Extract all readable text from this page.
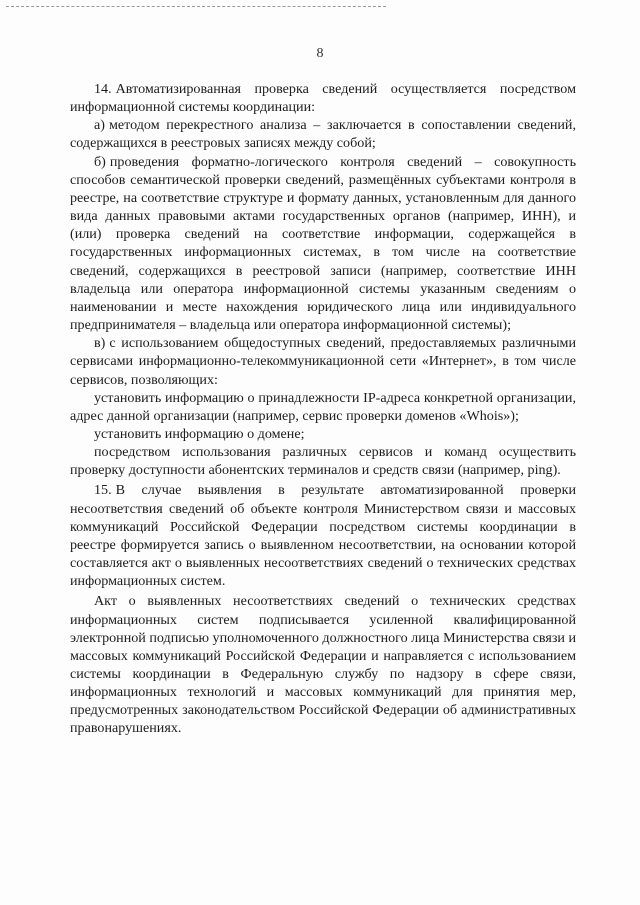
8

14. Автоматизированная проверка сведений осуществляется посредством информационной системы координации:

а) методом перекрестного анализа – заключается в сопоставлении сведений, содержащихся в реестровых записях между собой;

б) проведения форматно-логического контроля сведений – совокупность способов семантической проверки сведений, размещённых субъектами контроля в реестре, на соответствие структуре и формату данных, установленным для данного вида данных правовыми актами государственных органов (например, ИНН), и (или) проверка сведений на соответствие информации, содержащейся в государственных информационных системах, в том числе на соответствие сведений, содержащихся в реестровой записи (например, соответствие ИНН владельца или оператора информационной системы указанным сведениям о наименовании и месте нахождения юридического лица или индивидуального предпринимателя – владельца или оператора информационной системы);

в) с использованием общедоступных сведений, предоставляемых различными сервисами информационно-телекоммуникационной сети «Интернет», в том числе сервисов, позволяющих:

установить информацию о принадлежности IP-адреса конкретной организации, адрес данной организации (например, сервис проверки доменов «Whois»);

установить информацию о домене;

посредством использования различных сервисов и команд осуществить проверку доступности абонентских терминалов и средств связи (например, ping).

15. В случае выявления в результате автоматизированной проверки несоответствия сведений об объекте контроля Министерством связи и массовых коммуникаций Российской Федерации посредством системы координации в реестре формируется запись о выявленном несоответствии, на основании которой составляется акт о выявленных несоответствиях сведений о технических средствах информационных систем.

Акт о выявленных несоответствиях сведений о технических средствах информационных систем подписывается усиленной квалифицированной электронной подписью уполномоченного должностного лица Министерства связи и массовых коммуникаций Российской Федерации и направляется с использованием системы координации в Федеральную службу по надзору в сфере связи, информационных технологий и массовых коммуникаций для принятия мер, предусмотренных законодательством Российской Федерации об административных правонарушениях.
